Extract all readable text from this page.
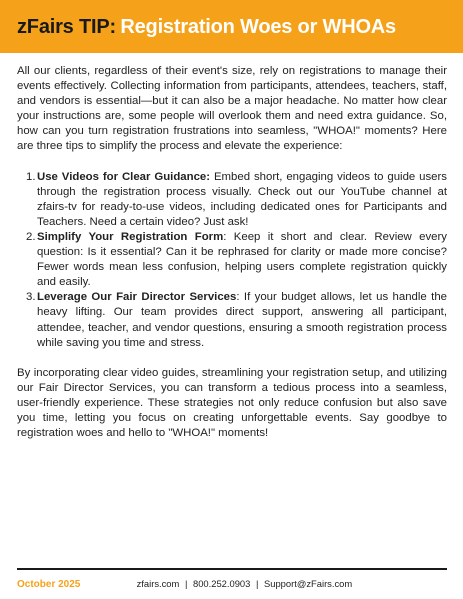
zFairs TIP: Registration Woes or WHOAs

All our clients, regardless of their event's size, rely on registrations to manage their events effectively. Collecting information from participants, attendees, teachers, staff, and vendors is essential—but it can also be a major headache. No matter how clear your instructions are, some people will overlook them and need extra guidance. So, how can you turn registration frustrations into seamless, "WHOA!" moments? Here are three tips to simplify the process and elevate the experience:

1. Use Videos for Clear Guidance: Embed short, engaging videos to guide users through the registration process visually. Check out our YouTube channel at zfairs-tv for ready-to-use videos, including dedicated ones for Participants and Teachers. Need a certain video? Just ask!
2. Simplify Your Registration Form: Keep it short and clear. Review every question: Is it essential? Can it be rephrased for clarity or made more concise? Fewer words mean less confusion, helping users complete registration quickly and easily.
3. Leverage Our Fair Director Services: If your budget allows, let us handle the heavy lifting. Our team provides direct support, answering all participant, attendee, teacher, and vendor questions, ensuring a smooth registration process while saving you time and stress.

By incorporating clear video guides, streamlining your registration setup, and utilizing our Fair Director Services, you can transform a tedious process into a seamless, user-friendly experience. These strategies not only reduce confusion but also save you time, letting you focus on creating unforgettable events. Say goodbye to registration woes and hello to "WHOA!" moments!

October 2025	zfairs.com | 800.252.0903 | Support@zFairs.com
